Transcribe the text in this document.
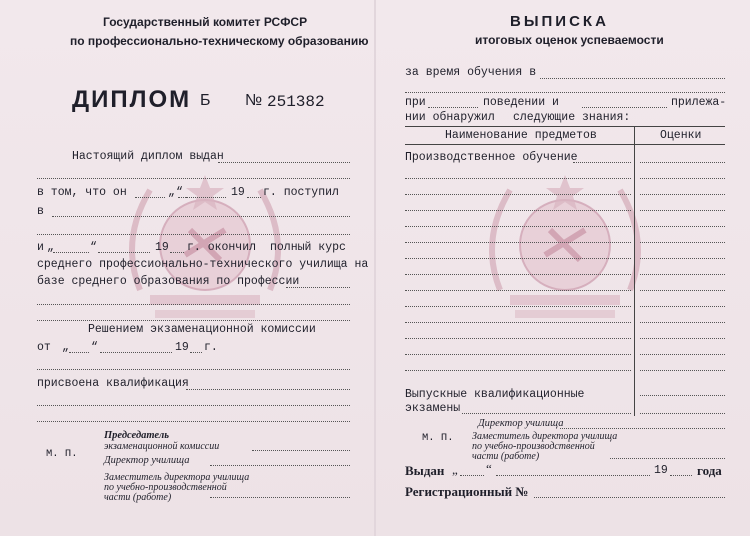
Государственный комитет РСФСР
по профессионально-техническому образованию
ДИПЛОМ Б № 251382
Настоящий диплом выдан
в том, что он	„ “	19 г. поступил
в
и „	“	19 г. окончил полный курс
среднего профессионально-технического училища на
базе среднего образования по профессии
Решением экзаменационной комиссии
от „ “	19 г.
присвоена квалификация
М. П.
Председатель
экзаменационной комиссии
Директор училища
Заместитель директора училища
по учебно-производственной
части (работе)
ВЫПИСКА
итоговых оценок успеваемости
за время обучения в
при	поведении и	прилежа-
нии обнаружил следующие знания:
Наименование предметов	Оценки
Производственное обучение
Выпускные квалификационные
экзамены
Директор училища
М. П. Заместитель директора училища
по учебно-производственной
части (работе)
Выдан „ “	19 года
Регистрационный №
